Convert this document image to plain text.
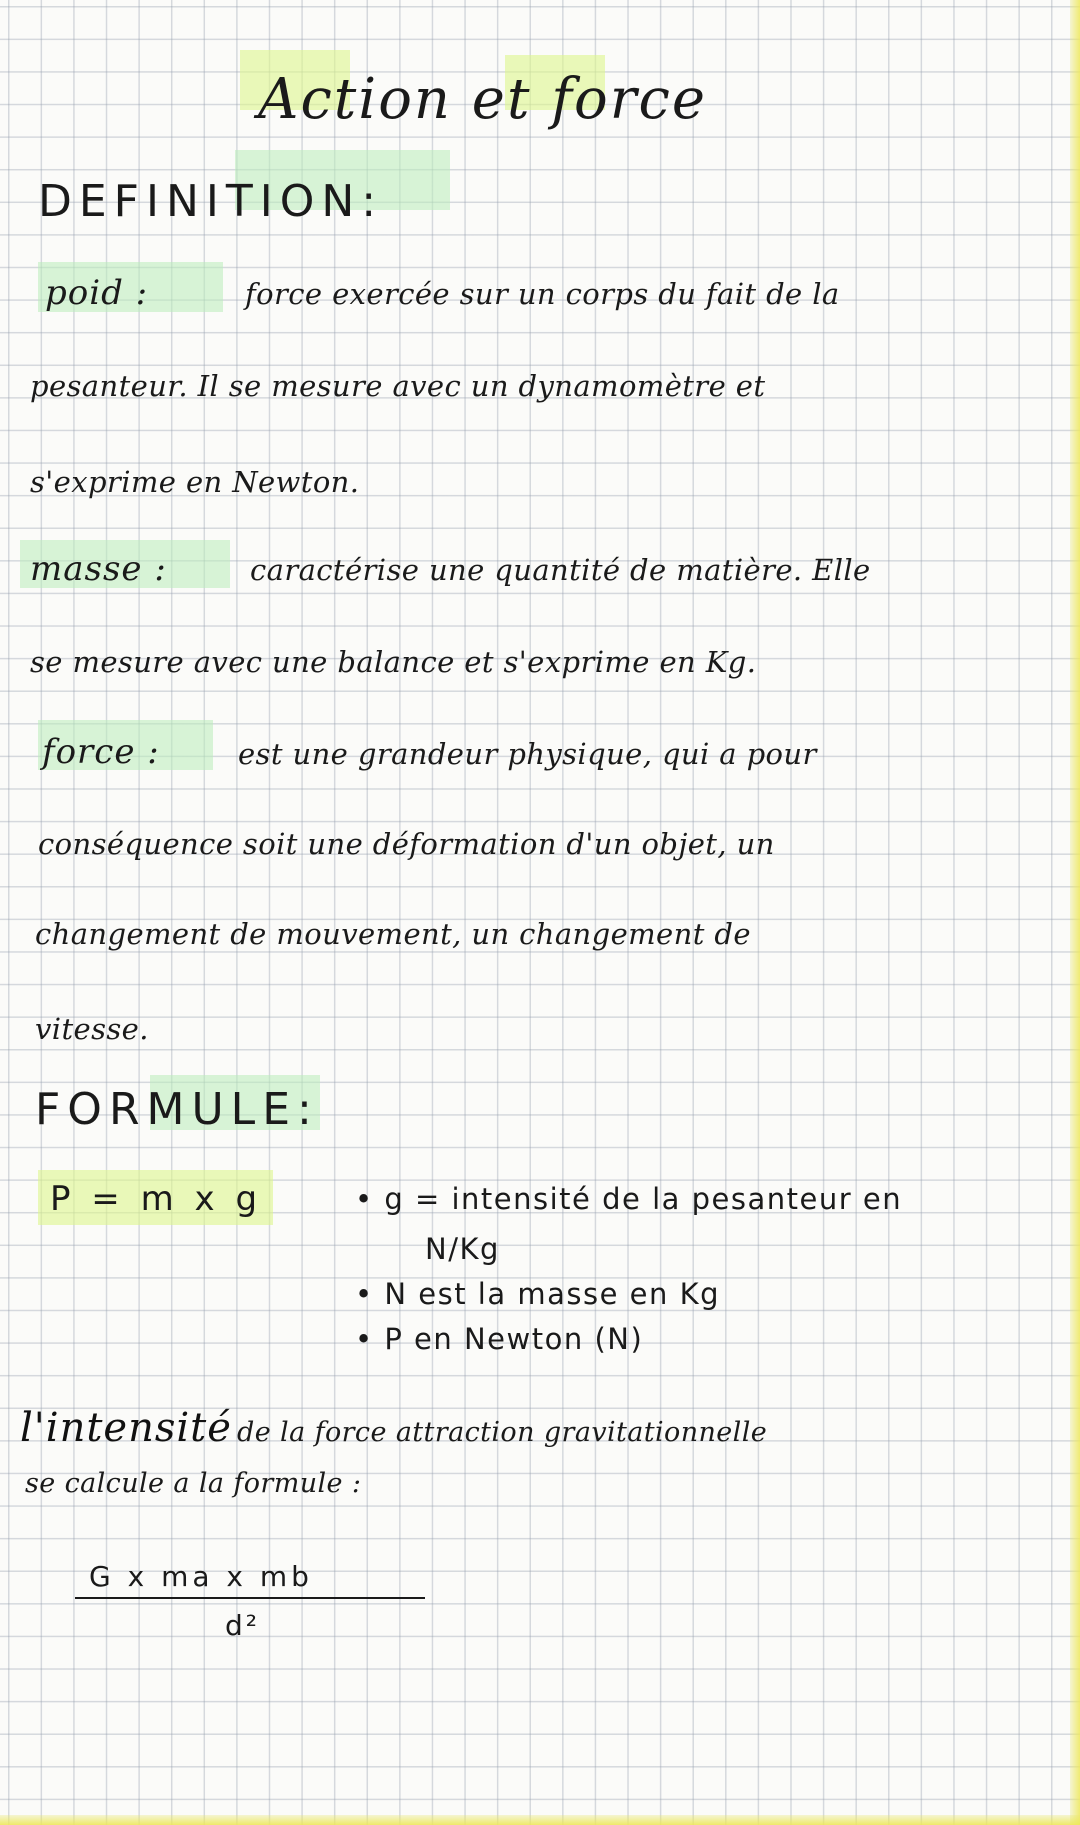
Action et force
DEFINITION:
poid :	force exercée sur un corps du fait de la
pesanteur. Il se mesure avec un dynamomètre et
s'exprime en Newton.
masse :	caractérise une quantité de matière. Elle
se mesure avec une balance et s'exprime en Kg.
force :	est une grandeur physique, qui a pour
conséquence soit une déformation d'un objet, un
changement de mouvement, un changement de
vitesse.
FORMULE:
P = m x g	• g = intensité de la pesanteur en
N/Kg
• N est la masse en Kg
• P en Newton (N)
l'intensité de la force attraction gravitationnelle
se calcule a la formule :
$\frac{\text{G x ma x mb}}{\text{d²}}$
